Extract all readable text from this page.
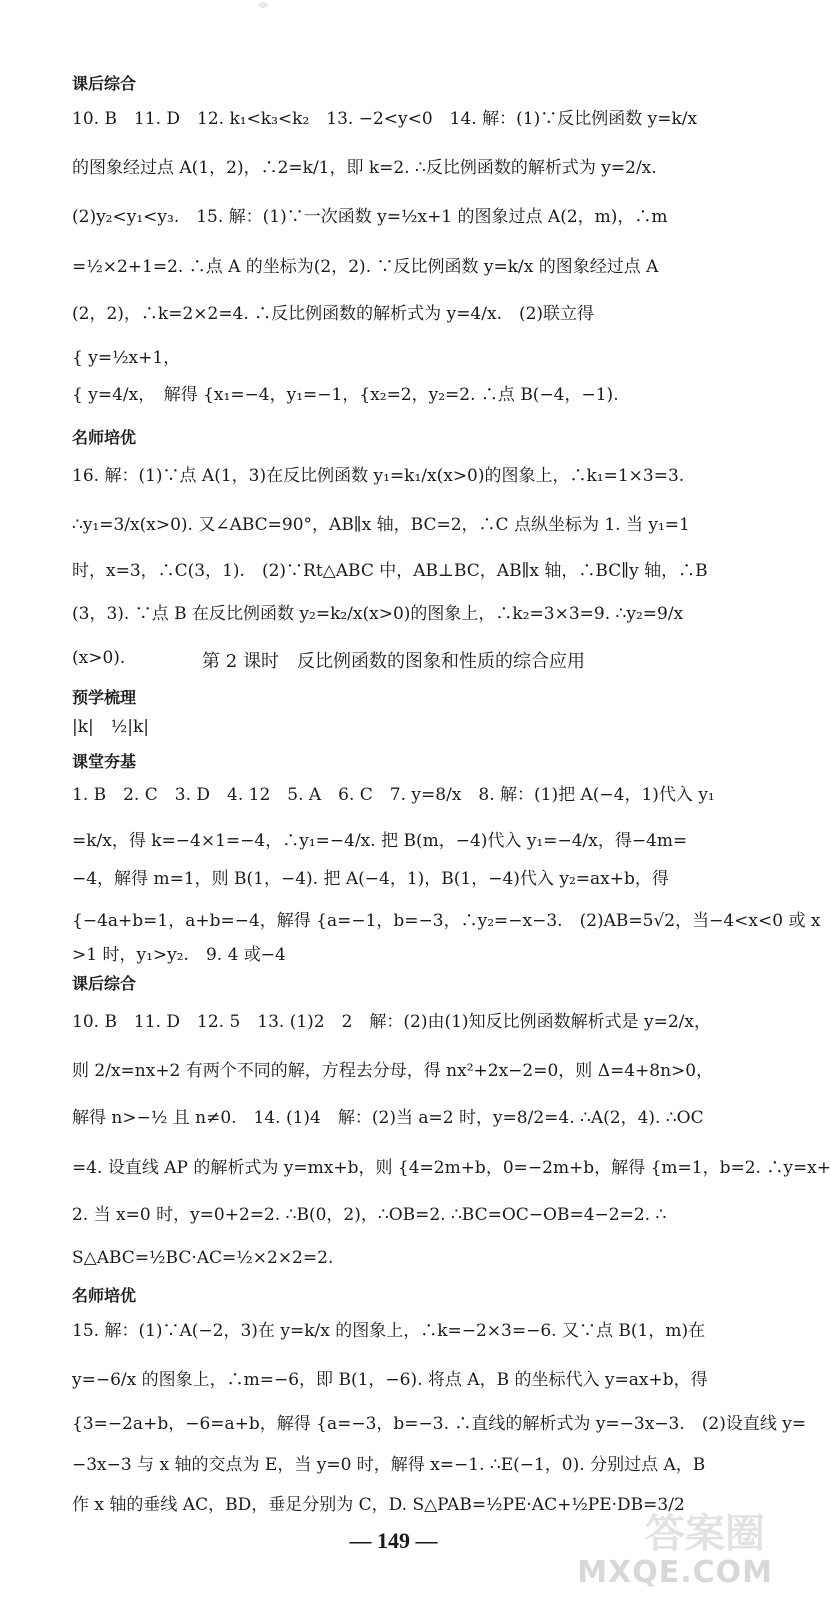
课后综合
10. B　11. D　12. k₁<k₃<k₂　13. −2<y<0　14. 解：(1)∵反比例函数 y=k/x
的图象经过点 A(1，2)，∴2=k/1，即 k=2. ∴反比例函数的解析式为 y=2/x.
(2)y₂<y₁<y₃.　15. 解：(1)∵一次函数 y=½x+1 的图象过点 A(2，m)，∴m
=½×2+1=2. ∴点 A 的坐标为(2，2). ∵反比例函数 y=k/x 的图象经过点 A
(2，2)，∴k=2×2=4. ∴反比例函数的解析式为 y=4/x.　(2)联立得
{ y=½x+1，
{ y=4/x，　解得 {x₁=−4，y₁=−1，{x₂=2，y₂=2. ∴点 B(−4，−1).
名师培优
16. 解：(1)∵点 A(1，3)在反比例函数 y₁=k₁/x(x>0)的图象上，∴k₁=1×3=3.
∴y₁=3/x(x>0). 又∠ABC=90°，AB∥x 轴，BC=2，∴C 点纵坐标为 1. 当 y₁=1
时，x=3，∴C(3，1).　(2)∵Rt△ABC 中，AB⊥BC，AB∥x 轴，∴BC∥y 轴，∴B
(3，3). ∵点 B 在反比例函数 y₂=k₂/x(x>0)的图象上，∴k₂=3×3=9. ∴y₂=9/x
(x>0).	第 2 课时　反比例函数的图象和性质的综合应用
预学梳理
|k|　½|k|
课堂夯基
1. B　2. C　3. D　4. 12　5. A　6. C　7. y=8/x　8. 解：(1)把 A(−4，1)代入 y₁
=k/x，得 k=−4×1=−4，∴y₁=−4/x. 把 B(m，−4)代入 y₁=−4/x，得−4m=
−4，解得 m=1，则 B(1，−4). 把 A(−4，1)，B(1，−4)代入 y₂=ax+b，得
{−4a+b=1，a+b=−4，解得 {a=−1，b=−3，∴y₂=−x−3.　(2)AB=5√2，当−4<x<0 或 x
>1 时，y₁>y₂.　9. 4 或−4
课后综合
10. B　11. D　12. 5　13. (1)2　2　解：(2)由(1)知反比例函数解析式是 y=2/x，
则 2/x=nx+2 有两个不同的解，方程去分母，得 nx²+2x−2=0，则 Δ=4+8n>0，
解得 n>−½ 且 n≠0.　14. (1)4　解：(2)当 a=2 时，y=8/2=4. ∴A(2，4). ∴OC
=4. 设直线 AP 的解析式为 y=mx+b，则 {4=2m+b，0=−2m+b，解得 {m=1，b=2. ∴y=x+
2. 当 x=0 时，y=0+2=2. ∴B(0，2)，∴OB=2. ∴BC=OC−OB=4−2=2. ∴
S△ABC=½BC·AC=½×2×2=2.
名师培优
15. 解：(1)∵A(−2，3)在 y=k/x 的图象上，∴k=−2×3=−6. 又∵点 B(1，m)在
y=−6/x 的图象上，∴m=−6，即 B(1，−6). 将点 A，B 的坐标代入 y=ax+b，得
{3=−2a+b，−6=a+b，解得 {a=−3，b=−3. ∴直线的解析式为 y=−3x−3.　(2)设直线 y=
−3x−3 与 x 轴的交点为 E，当 y=0 时，解得 x=−1. ∴E(−1，0). 分别过点 A，B
作 x 轴的垂线 AC，BD，垂足分别为 C，D. S△PAB=½PE·AC+½PE·DB=3/2
— 149 —	答案圈
MXQE.COM
